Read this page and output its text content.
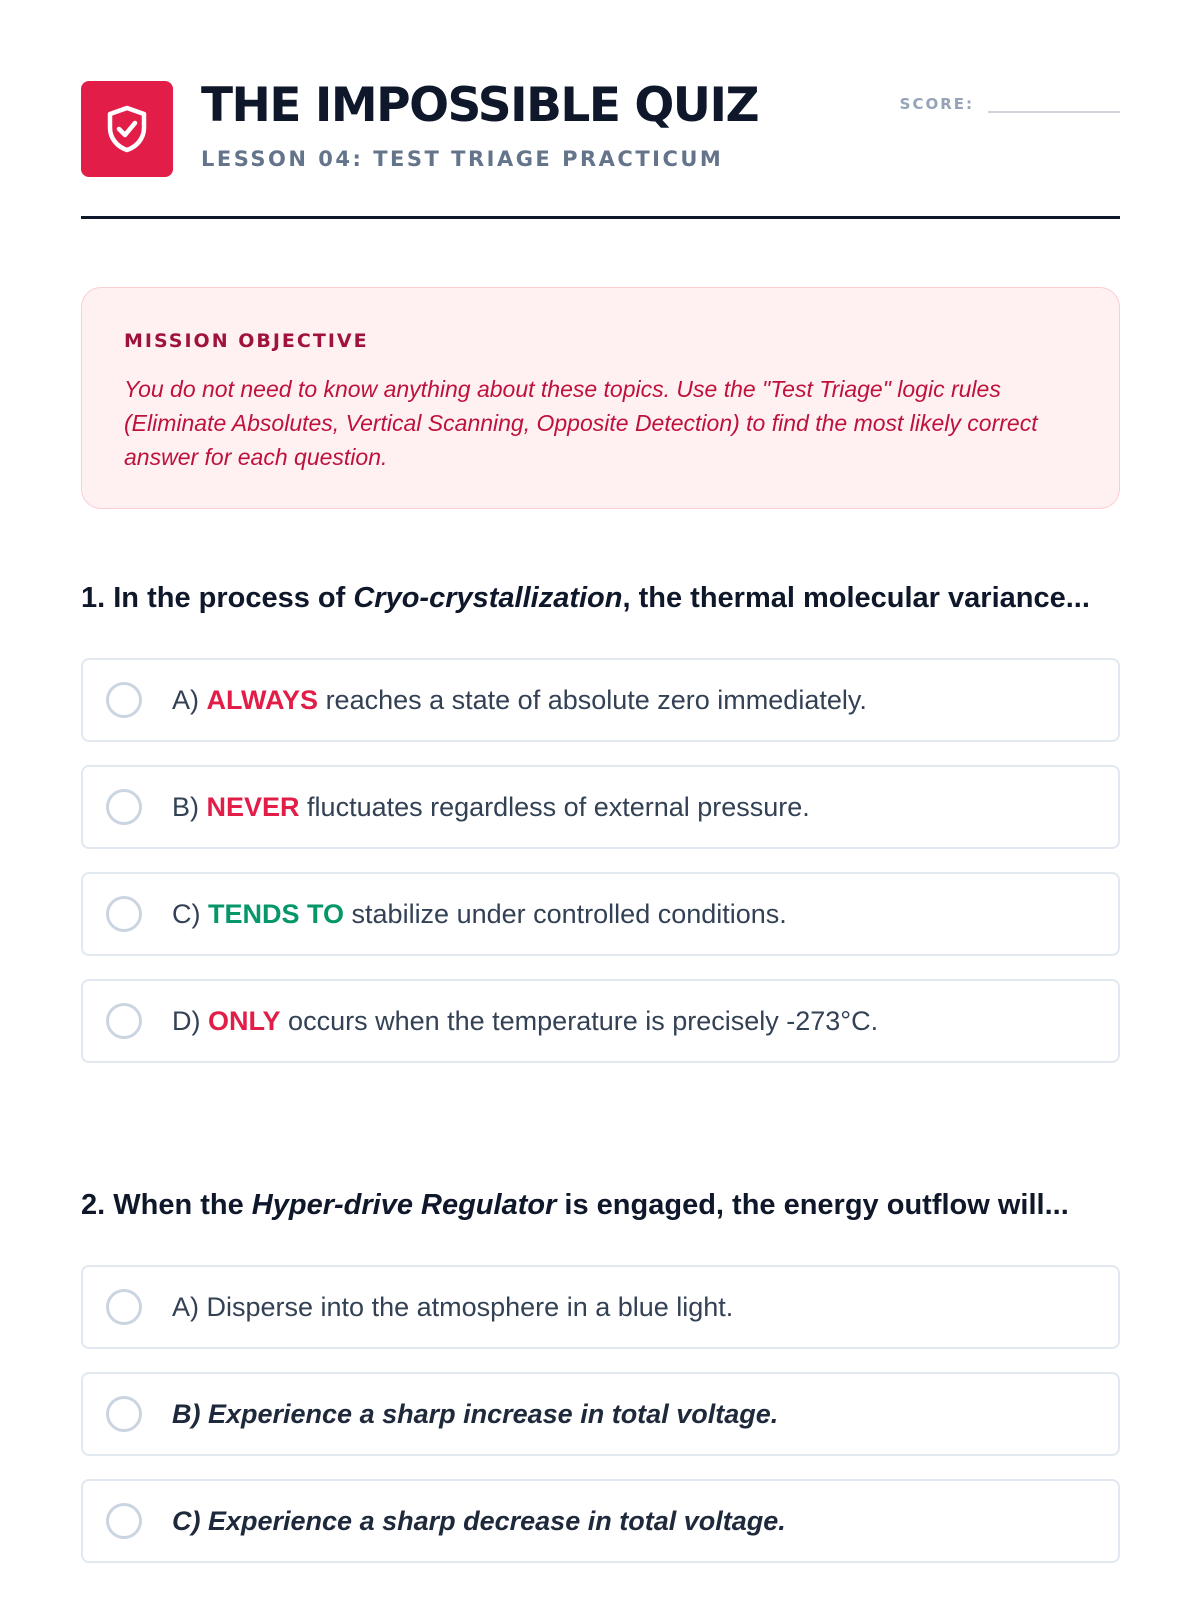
THE IMPOSSIBLE QUIZ
LESSON 04: TEST TRIAGE PRACTICUM
SCORE:
MISSION OBJECTIVE
You do not need to know anything about these topics. Use the "Test Triage" logic rules (Eliminate Absolutes, Vertical Scanning, Opposite Detection) to find the most likely correct answer for each question.

1. In the process of Cryo-crystallization, the thermal molecular variance...

A) ALWAYS reaches a state of absolute zero immediately.
B) NEVER fluctuates regardless of external pressure.
C) TENDS TO stabilize under controlled conditions.
D) ONLY occurs when the temperature is precisely -273°C.

2. When the Hyper-drive Regulator is engaged, the energy outflow will...

A) Disperse into the atmosphere in a blue light.
B) Experience a sharp increase in total voltage.
C) Experience a sharp decrease in total voltage.
